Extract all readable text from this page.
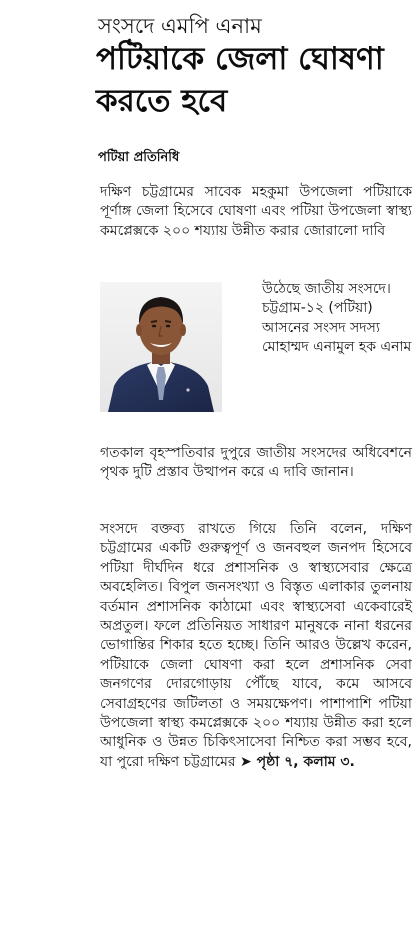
সংসদে এমপি এনাম
পটিয়াকে জেলা ঘোষণা করতে হবে
পটিয়া প্রতিনিধি

দক্ষিণ চট্টগ্রামের সাবেক মহকুমা উপজেলা পটিয়াকে পূর্ণাঙ্গ জেলা হিসেবে ঘোষণা এবং পটিয়া উপজেলা স্বাস্থ্য কমপ্লেক্সকে ২০০ শয্যায় উন্নীত করার জোরালো দাবি

উঠেছে জাতীয় সংসদে। চট্টগ্রাম-১২ (পটিয়া) আসনের সংসদ সদস্য মোহাম্মদ এনামুল হক এনাম

গতকাল বৃহস্পতিবার দুপুরে জাতীয় সংসদের অধিবেশনে পৃথক দুটি প্রস্তাব উত্থাপন করে এ দাবি জানান।

সংসদে বক্তব্য রাখতে গিয়ে তিনি বলেন, দক্ষিণ চট্টগ্রামের একটি গুরুত্বপূর্ণ ও জনবহুল জনপদ হিসেবে পটিয়া দীর্ঘদিন ধরে প্রশাসনিক ও স্বাস্থ্যসেবার ক্ষেত্রে অবহেলিত। বিপুল জনসংখ্যা ও বিস্তৃত এলাকার তুলনায় বর্তমান প্রশাসনিক কাঠামো এবং স্বাস্থ্যসেবা একেবারেই অপ্রতুল। ফলে প্রতিনিয়ত সাধারণ মানুষকে নানা ধরনের ভোগান্তির শিকার হতে হচ্ছে। তিনি আরও উল্লেখ করেন, পটিয়াকে জেলা ঘোষণা করা হলে প্রশাসনিক সেবা জনগণের দোরগোড়ায় পৌঁছে যাবে, কমে আসবে সেবাগ্রহণের জটিলতা ও সময়ক্ষেপণ। পাশাপাশি পটিয়া উপজেলা স্বাস্থ্য কমপ্লেক্সকে ২০০ শয্যায় উন্নীত করা হলে আধুনিক ও উন্নত চিকিৎসাসেবা নিশ্চিত করা সম্ভব হবে, যা পুরো দক্ষিণ চট্টগ্রামের ➤ পৃষ্ঠা ৭, কলাম ৩.
